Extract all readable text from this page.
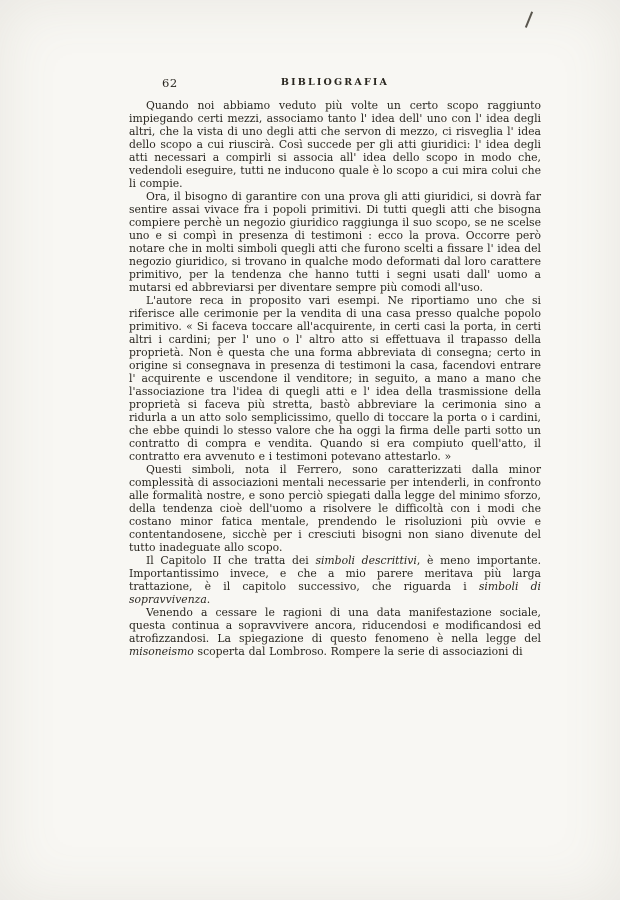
62	BIBLIOGRAFIA

Quando noi abbiamo veduto più volte un certo scopo raggiunto impiegando certi mezzi, associamo tanto l' idea dell' uno con l' idea degli altri, che la vista di uno degli atti che servon di mezzo, ci risveglia l' idea dello scopo a cui riuscirà. Così succede per gli atti giuridici: l' idea degli atti necessari a compirli si associa all' idea dello scopo in modo che, vedendoli eseguire, tutti ne inducono quale è lo scopo a cui mira colui che li compie.

Ora, il bisogno di garantire con una prova gli atti giuridici, si dovrà far sentire assai vivace fra i popoli primitivi. Di tutti quegli atti che bisogna compiere perchè un negozio giuridico raggiunga il suo scopo, se ne scelse uno e si compì in presenza di testimoni : ecco la prova. Occorre però notare che in molti simboli quegli atti che furono scelti a fissare l' idea del negozio giuridico, si trovano in qualche modo deformati dal loro carattere primitivo, per la tendenza che hanno tutti i segni usati dall' uomo a mutarsi ed abbreviarsi per diventare sempre più comodi all'uso.

L'autore reca in proposito vari esempi. Ne riportiamo uno che si riferisce alle cerimonie per la vendita di una casa presso qualche popolo primitivo. « Si faceva toccare all'acquirente, in certi casi la porta, in certi altri i cardini; per l' uno o l' altro atto si effettuava il trapasso della proprietà. Non è questa che una forma abbreviata di consegna; certo in origine si consegnava in presenza di testimoni la casa, facendovi entrare l' acquirente e uscendone il venditore; in seguito, a mano a mano che l'associazione tra l'idea di quegli atti e l' idea della trasmissione della proprietà si faceva più stretta, bastò abbreviare la cerimonia sino a ridurla a un atto solo semplicissimo, quello di toccare la porta o i cardini, che ebbe quindi lo stesso valore che ha oggi la firma delle parti sotto un contratto di compra e vendita. Quando si era compiuto quell'atto, il contratto era avvenuto e i testimoni potevano attestarlo. »

Questi simboli, nota il Ferrero, sono caratterizzati dalla minor complessità di associazioni mentali necessarie per intenderli, in confronto alle formalità nostre, e sono perciò spiegati dalla legge del minimo sforzo, della tendenza cioè dell'uomo a risolvere le difficoltà con i modi che costano minor fatica mentale, prendendo le risoluzioni più ovvie e contentandosene, sicchè per i cresciuti bisogni non siano divenute del tutto inadeguate allo scopo.

Il Capitolo II che tratta dei simboli descrittivi, è meno importante. Importantissimo invece, e che a mio parere meritava più larga trattazione, è il capitolo successivo, che riguarda i simboli di sopravvivenza.

Venendo a cessare le ragioni di una data manifestazione sociale, questa continua a sopravvivere ancora, riducendosi e modificandosi ed atrofizzandosi. La spiegazione di questo fenomeno è nella legge del misoneismo scoperta dal Lombroso. Rompere la serie di associazioni di
